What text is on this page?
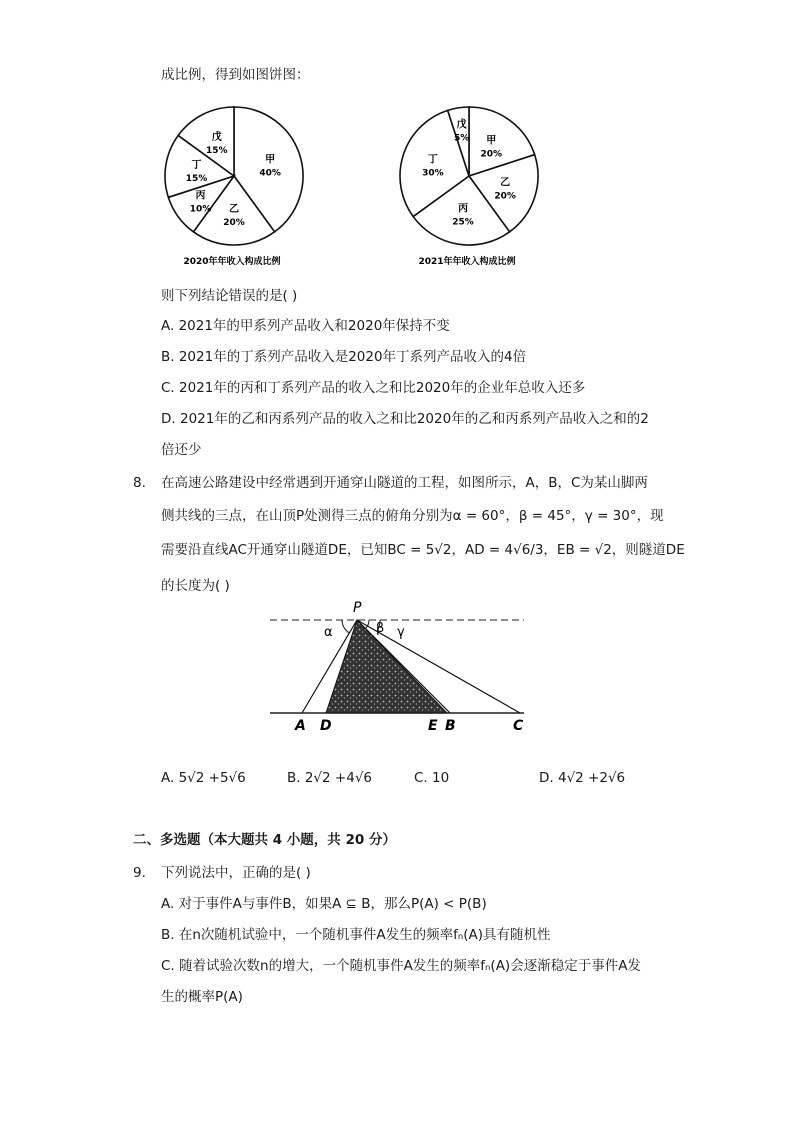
成比例，得到如图饼图：
甲
40%
乙
20%
丙
10%
丁
15%
戊
15%
2020年年收入构成比例
甲
20%
乙
20%
丙
25%
丁
30%
戊
5%
2021年年收入构成比例
则下列结论错误的是( )
A. 2021年的甲系列产品收入和2020年保持不变
B. 2021年的丁系列产品收入是2020年丁系列产品收入的4倍
C. 2021年的丙和丁系列产品的收入之和比2020年的企业年总收入还多
D. 2021年的乙和丙系列产品的收入之和比2020年的乙和丙系列产品收入之和的2
倍还少
8. 在高速公路建设中经常遇到开通穿山隧道的工程，如图所示，A，B，C为某山脚两
侧共线的三点，在山顶P处测得三点的俯角分别为α = 60°，β = 45°，γ = 30°，现
需要沿直线AC开通穿山隧道DE，已知BC = 5√2，AD = 4√6/3，EB = √2，则隧道DE
的长度为( )
P
α	β γ
A D	E B	C
A. 5√2 +5√6	B. 2√2 +4√6	C. 10	D. 4√2 +2√6
二、多选题（本大题共 4 小题，共 20 分）
9. 下列说法中，正确的是( )
A. 对于事件A与事件B，如果A ⊆ B，那么P(A) < P(B)
B. 在n次随机试验中，一个随机事件A发生的频率fₙ(A)具有随机性
C. 随着试验次数n的增大，一个随机事件A发生的频率fₙ(A)会逐渐稳定于事件A发
生的概率P(A)
